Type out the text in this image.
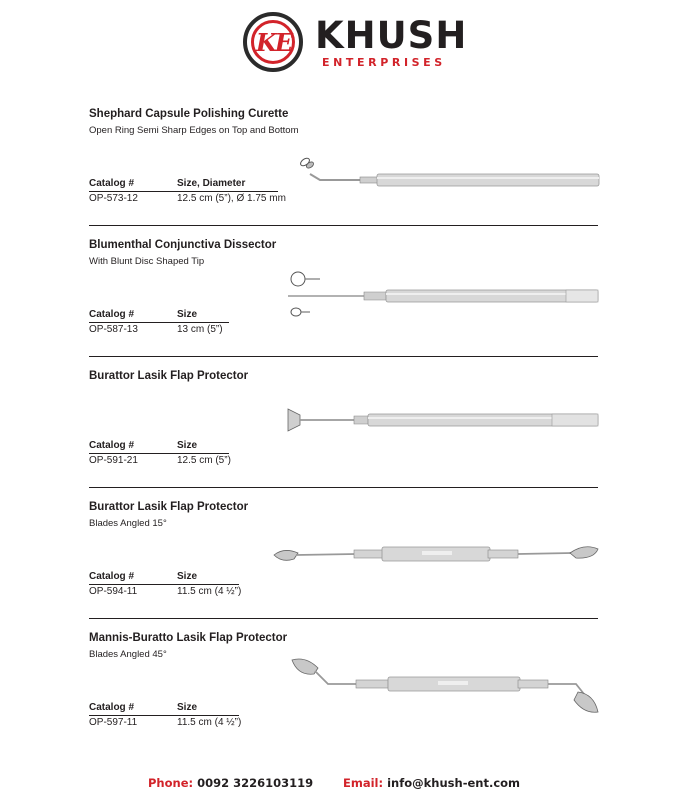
KE KHUSH
ENTERPRISES
Shephard Capsule Polishing Curette
Open Ring Semi Sharp Edges on Top and Bottom
Catalog #	Size, Diameter
OP-573-12	12.5 cm (5”), Ø 1.75 mm
Blumenthal Conjunctiva Dissector
With Blunt Disc Shaped Tip
Catalog #	Size
OP-587-13	13 cm (5”)
Burattor Lasik Flap Protector
Catalog #	Size
OP-591-21	12.5 cm (5”)
Burattor Lasik Flap Protector
Blades Angled 15°
Catalog #	Size
OP-594-11	11.5 cm (4 ½”)
Mannis-Buratto Lasik Flap Protector
Blades Angled 45°
Catalog #	Size
OP-597-11	11.5 cm (4 ½”)
Phone: 0092 3226103119	Email: info@khush-ent.com
